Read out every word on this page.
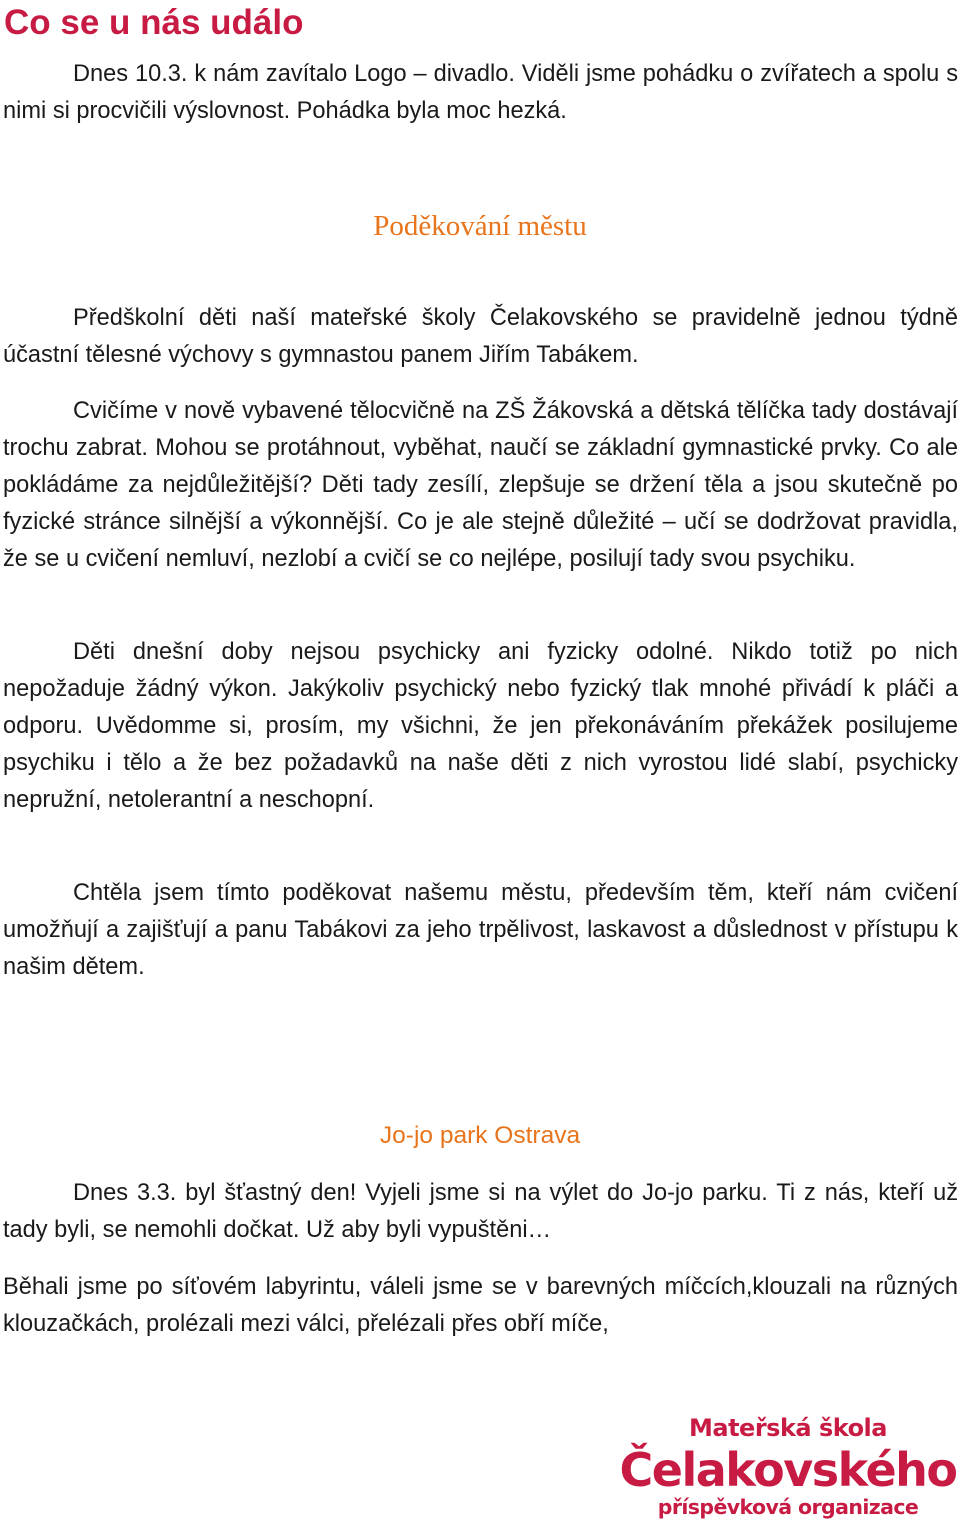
Co se u nás událo

Dnes 10.3. k nám zavítalo Logo – divadlo. Viděli jsme pohádku o zvířatech a spolu s nimi si procvičili výslovnost. Pohádka byla moc hezká.

Poděkování městu

Předškolní děti naší mateřské školy Čelakovského se pravidelně jednou týdně účastní tělesné výchovy s gymnastou panem Jiřím Tabákem.

Cvičíme v nově vybavené tělocvičně na ZŠ Žákovská a dětská tělíčka tady dostávají trochu zabrat. Mohou se protáhnout, vyběhat, naučí se základní gymnastické prvky. Co ale pokládáme za nejdůležitější? Děti tady zesílí, zlepšuje se držení těla a jsou skutečně po fyzické stránce silnější a výkonnější. Co je ale stejně důležité – učí se dodržovat pravidla, že se u cvičení nemluví, nezlobí a cvičí se co nejlépe, posilují tady svou psychiku.

Děti dnešní doby nejsou psychicky ani fyzicky odolné. Nikdo totiž po nich nepožaduje žádný výkon. Jakýkoliv psychický nebo fyzický tlak mnohé přivádí k pláči a odporu. Uvědomme si, prosím, my všichni, že jen překonáváním překážek posilujeme psychiku i tělo a že bez požadavků na naše děti z nich vyrostou lidé slabí, psychicky nepružní, netolerantní a neschopní.

Chtěla jsem tímto poděkovat našemu městu, především těm, kteří nám cvičení umožňují a zajišťují a panu Tabákovi za jeho trpělivost, laskavost a důslednost v přístupu k našim dětem.

Jo-jo park Ostrava

Dnes 3.3. byl šťastný den! Vyjeli jsme si na výlet do Jo-jo parku. Ti z nás, kteří už tady byli, se nemohli dočkat. Už aby byli vypuštěni…

Běhali jsme po síťovém labyrintu, váleli jsme se v barevných míčcích,klouzali na různých klouzačkách, prolézali mezi válci, přelézali přes obří míče,

Mateřská škola
Čelakovského
příspěvková organizace
